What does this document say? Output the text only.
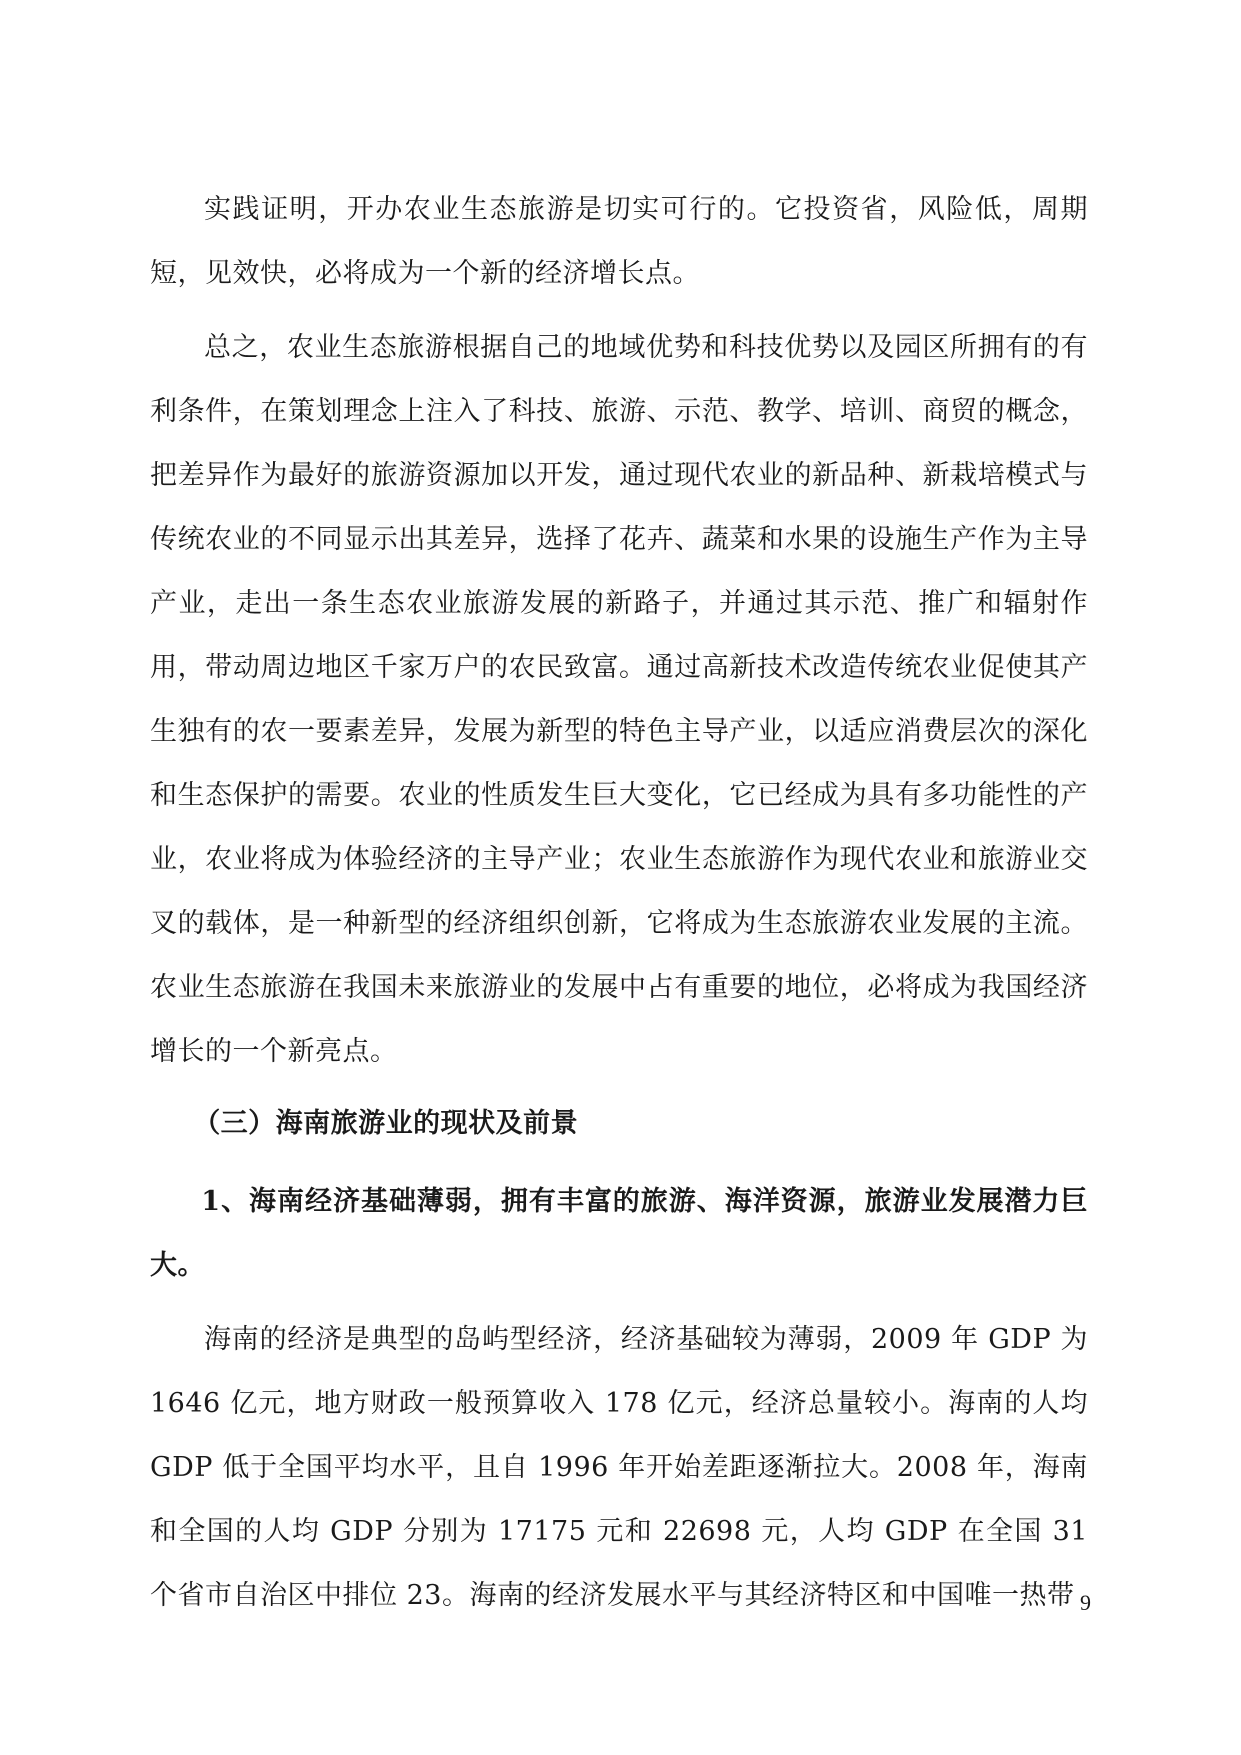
实践证明，开办农业生态旅游是切实可行的。它投资省，风险低，周期短，见效快，必将成为一个新的经济增长点。

总之，农业生态旅游根据自己的地域优势和科技优势以及园区所拥有的有利条件，在策划理念上注入了科技、旅游、示范、教学、培训、商贸的概念，把差异作为最好的旅游资源加以开发，通过现代农业的新品种、新栽培模式与传统农业的不同显示出其差异，选择了花卉、蔬菜和水果的设施生产作为主导产业，走出一条生态农业旅游发展的新路子，并通过其示范、推广和辐射作用，带动周边地区千家万户的农民致富。通过高新技术改造传统农业促使其产生独有的农一要素差异，发展为新型的特色主导产业，以适应消费层次的深化和生态保护的需要。农业的性质发生巨大变化，它已经成为具有多功能性的产业，农业将成为体验经济的主导产业；农业生态旅游作为现代农业和旅游业交叉的载体，是一种新型的经济组织创新，它将成为生态旅游农业发展的主流。农业生态旅游在我国未来旅游业的发展中占有重要的地位，必将成为我国经济增长的一个新亮点。

（三）海南旅游业的现状及前景

1、海南经济基础薄弱，拥有丰富的旅游、海洋资源，旅游业发展潜力巨大。

海南的经济是典型的岛屿型经济，经济基础较为薄弱，2009 年 GDP 为 1646 亿元，地方财政一般预算收入 178 亿元，经济总量较小。海南的人均 GDP 低于全国平均水平，且自 1996 年开始差距逐渐拉大。2008 年，海南和全国的人均 GDP 分别为 17175 元和 22698 元，人均 GDP 在全国 31 个省市自治区中排位 23。海南的经济发展水平与其经济特区和中国唯一热带 9
